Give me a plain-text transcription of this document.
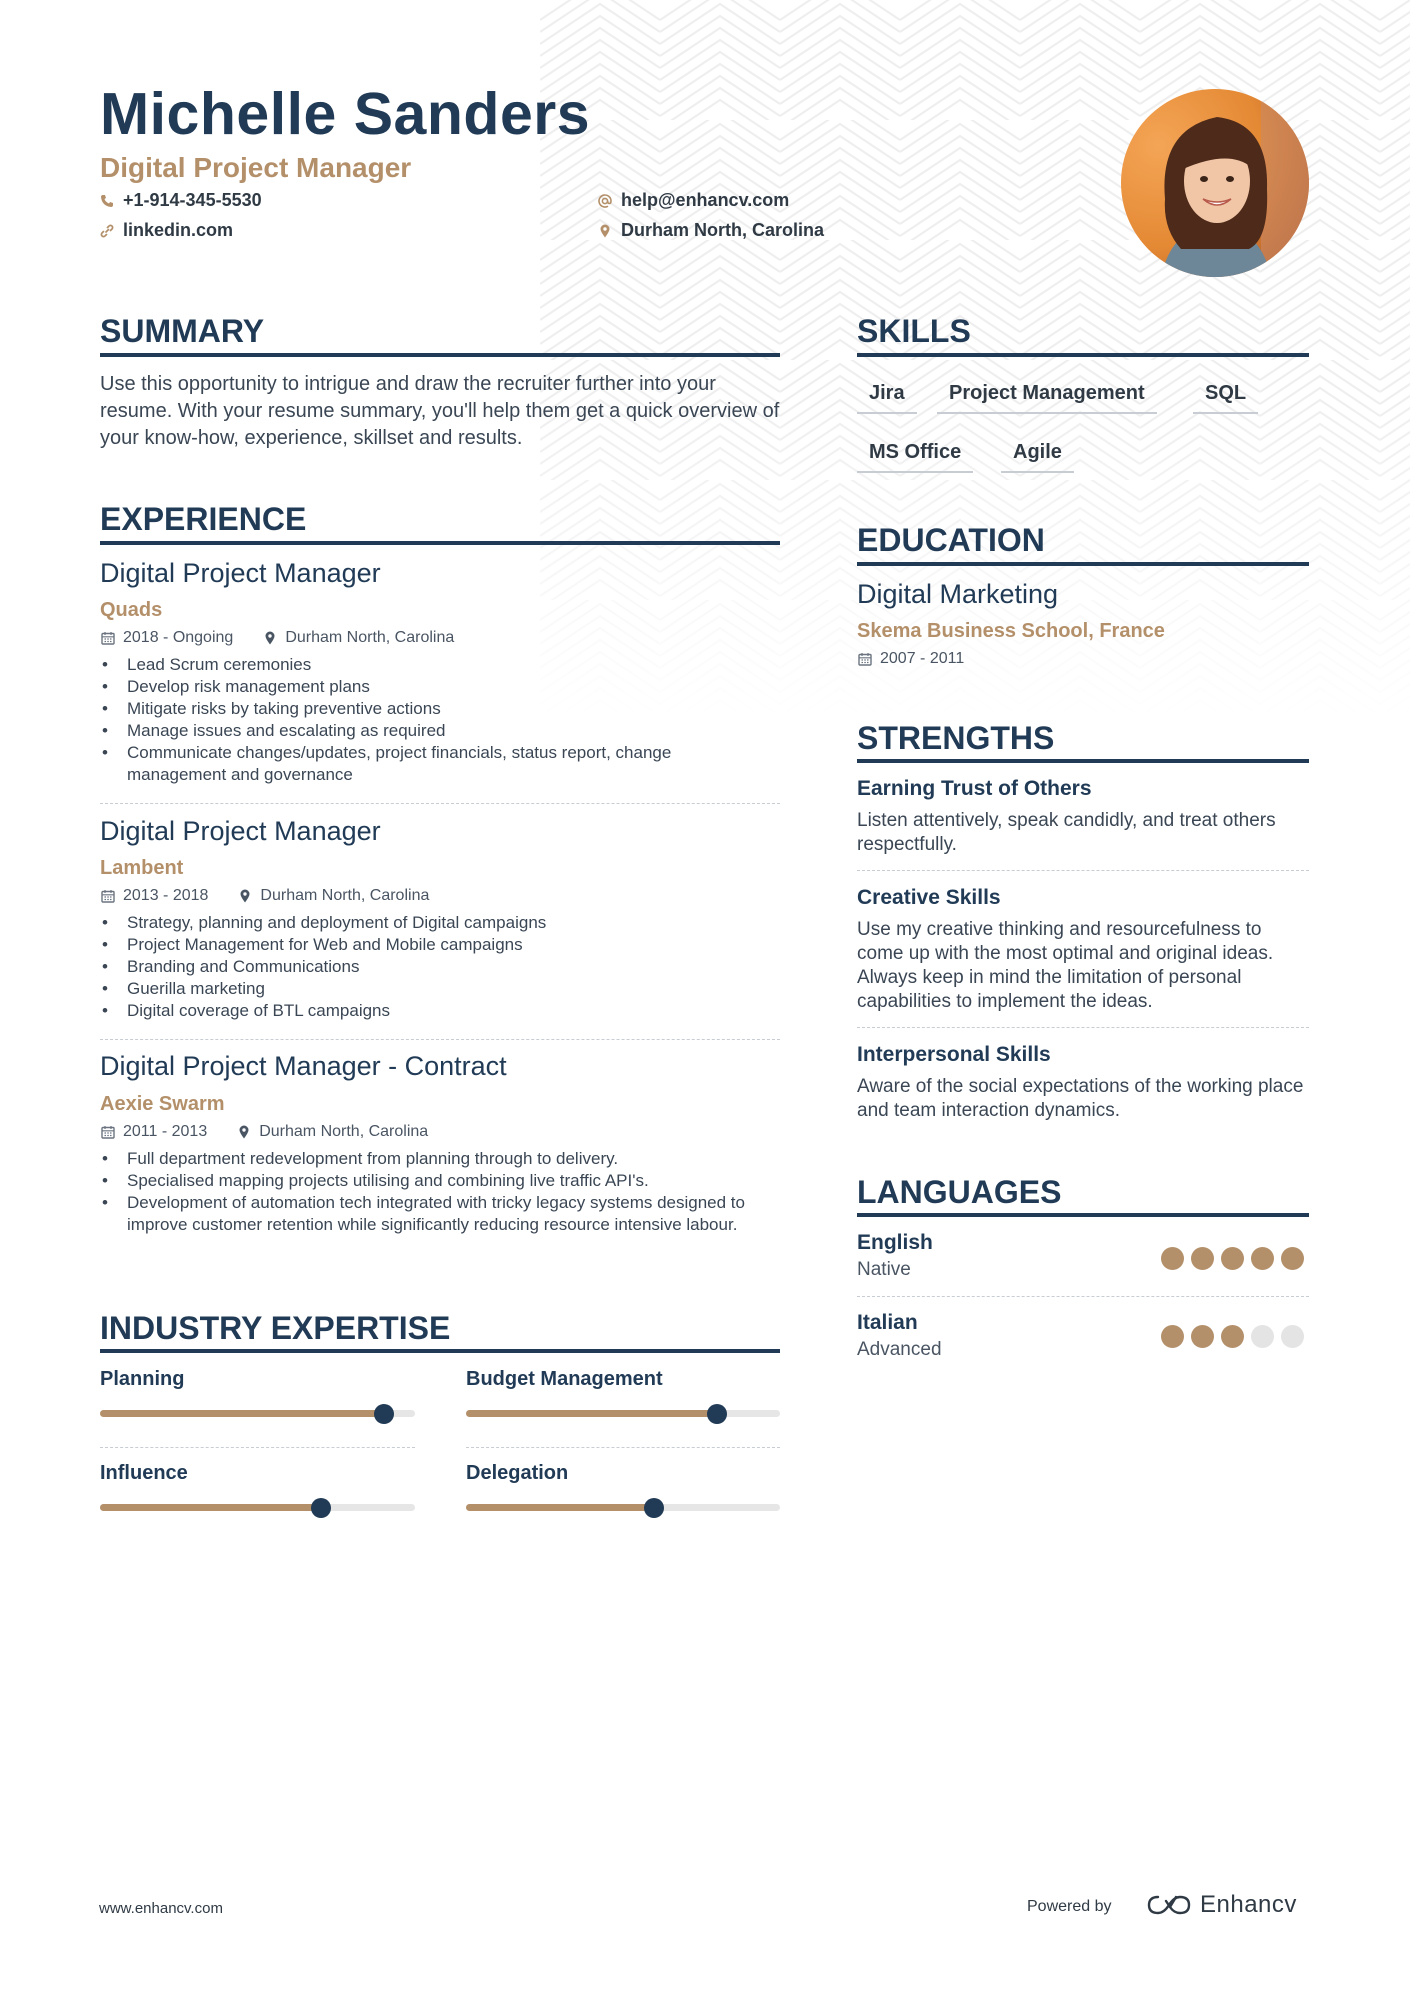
Michelle Sanders
Digital Project Manager
+1-914-345-5530	help@enhancv.com
linkedin.com	Durham North, Carolina
SUMMARY
Use this opportunity to intrigue and draw the recruiter further into your resume. With your resume summary, you'll help them get a quick overview of your know-how, experience, skillset and results.
EXPERIENCE
Digital Project Manager
Quads
2018 - Ongoing	Durham North, Carolina
• Lead Scrum ceremonies
• Develop risk management plans
• Mitigate risks by taking preventive actions
• Manage issues and escalating as required
• Communicate changes/updates, project financials, status report, change management and governance
Digital Project Manager
Lambent
2013 - 2018	Durham North, Carolina
• Strategy, planning and deployment of Digital campaigns
• Project Management for Web and Mobile campaigns
• Branding and Communications
• Guerilla marketing
• Digital coverage of BTL campaigns
Digital Project Manager - Contract
Aexie Swarm
2011 - 2013	Durham North, Carolina
• Full department redevelopment from planning through to delivery.
• Specialised mapping projects utilising and combining live traffic API's.
• Development of automation tech integrated with tricky legacy systems designed to improve customer retention while significantly reducing resource intensive labour.
INDUSTRY EXPERTISE
Planning	Budget Management
Influence	Delegation
SKILLS
Jira	Project Management	SQL
MS Office	Agile
EDUCATION
Digital Marketing
Skema Business School, France
2007 - 2011
STRENGTHS
Earning Trust of Others
Listen attentively, speak candidly, and treat others respectfully.
Creative Skills
Use my creative thinking and resourcefulness to come up with the most optimal and original ideas. Always keep in mind the limitation of personal capabilities to implement the ideas.
Interpersonal Skills
Aware of the social expectations of the working place and team interaction dynamics.
LANGUAGES
English
Native
Italian
Advanced
www.enhancv.com	Powered by	Enhancv
